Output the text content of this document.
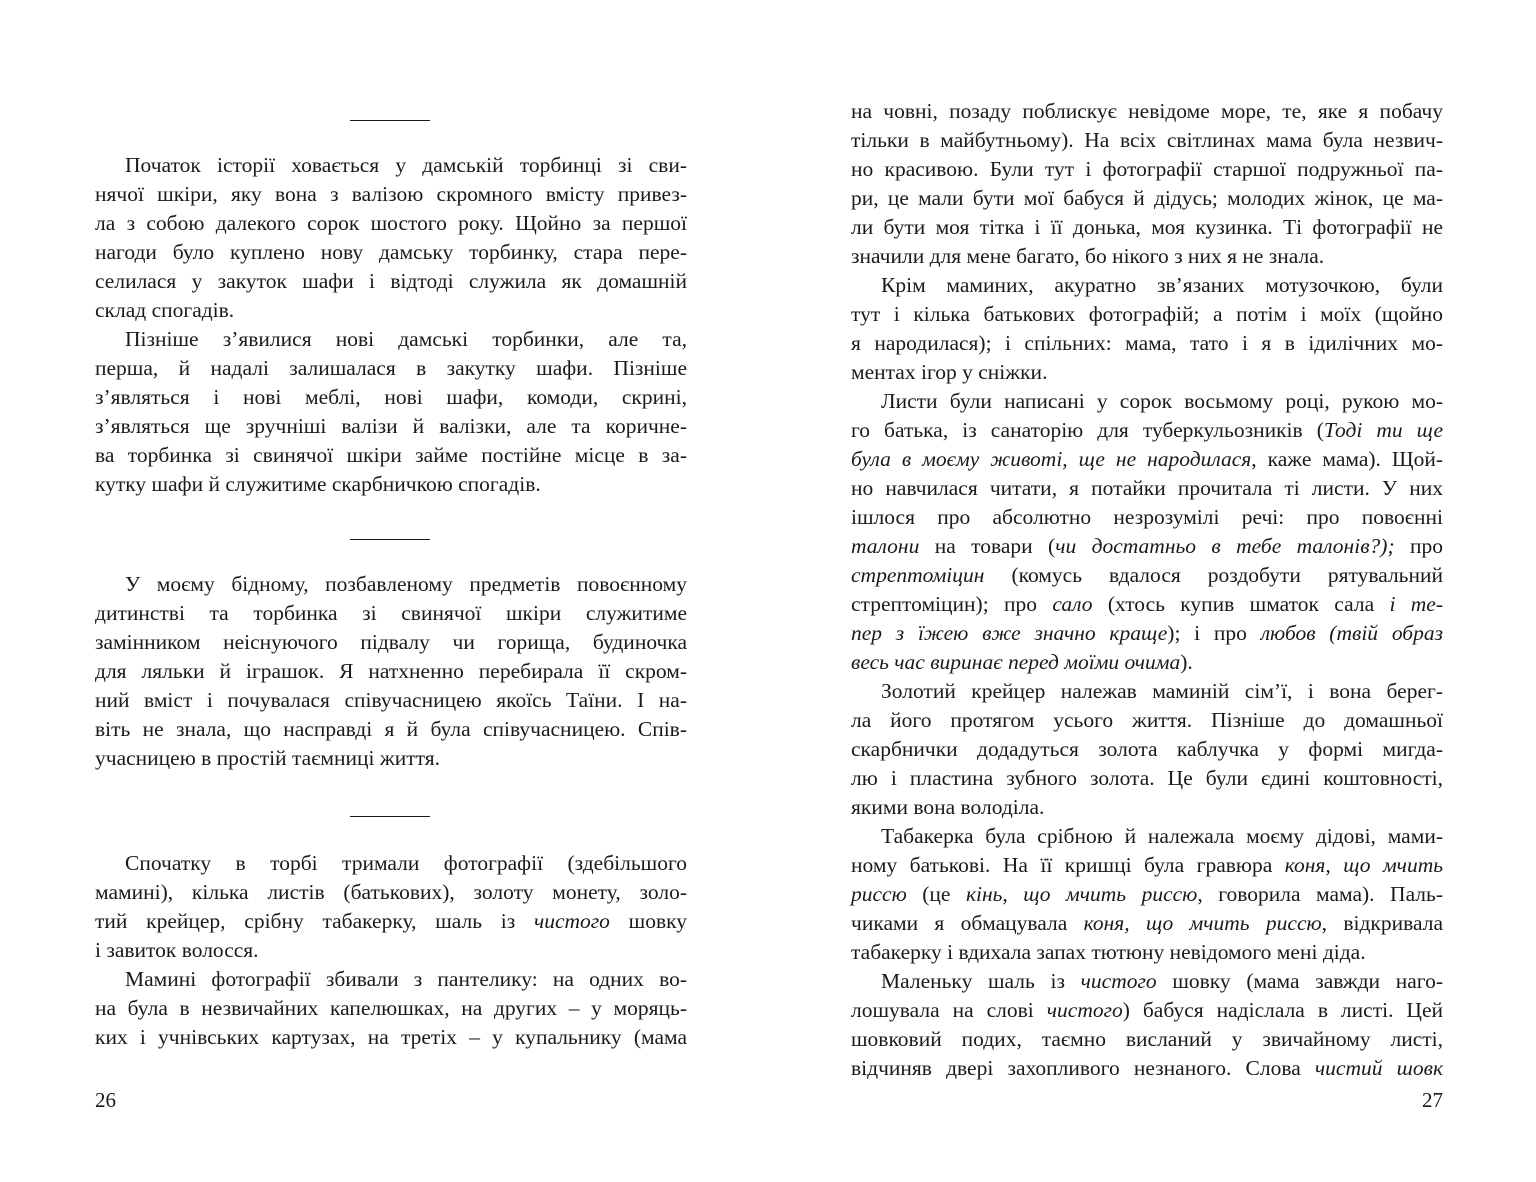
Початок історії ховається у дамській торбинці зі сви-
нячої шкіри, яку вона з валізою скромного вмісту привез-
ла з собою далекого сорок шостого року. Щойно за першої
нагоди було куплено нову дамську торбинку, стара пере-
селилася у закуток шафи і відтоді служила як домашній
склад спогадів.
Пізніше з’явилися нові дамські торбинки, але та,
перша, й надалі залишалася в закутку шафи. Пізніше
з’являться і нові меблі, нові шафи, комоди, скрині,
з’являться ще зручніші валізи й валізки, але та коричне-
ва торбинка зі свинячої шкіри займе постійне місце в за-
кутку шафи й служитиме скарбничкою спогадів.
У моєму бідному, позбавленому предметів повоєнному
дитинстві та торбинка зі свинячої шкіри служитиме
замінником неіснуючого підвалу чи горища, будиночка
для ляльки й іграшок. Я натхненно перебирала її скром-
ний вміст і почувалася співучасницею якоїсь Таїни. І на-
віть не знала, що насправді я й була співучасницею. Спів-
учасницею в простій таємниці життя.
Спочатку в торбі тримали фотографії (здебільшого
мамині), кілька листів (батькових), золоту монету, золо-
тий крейцер, срібну табакерку, шаль із чистого шовку
і завиток волосся.
Мамині фотографії збивали з пантелику: на одних во-
на була в незвичайних капелюшках, на других – у моряць-
ких і учнівських картузах, на третіх – у купальнику (мама
26
на човні, позаду поблискує невідоме море, те, яке я побачу
тільки в майбутньому). На всіх світлинах мама була незвич-
но красивою. Були тут і фотографії старшої подружньої па-
ри, це мали бути мої бабуся й дідусь; молодих жінок, це ма-
ли бути моя тітка і її донька, моя кузинка. Ті фотографії не
значили для мене багато, бо нікого з них я не знала.
Крім маминих, акуратно зв’язаних мотузочкою, були
тут і кілька батькових фотографій; а потім і моїх (щойно
я народилася); і спільних: мама, тато і я в ідилічних мо-
ментах ігор у сніжки.
Листи були написані у сорок восьмому році, рукою мо-
го батька, із санаторію для туберкульозників (Тоді ти ще
була в моєму животі, ще не народилася, каже мама). Щой-
но навчилася читати, я потайки прочитала ті листи. У них
ішлося про абсолютно незрозумілі речі: про повоєнні
талони на товари (чи достатньо в тебе талонів?); про
стрептоміцин (комусь вдалося роздобути рятувальний
стрептоміцин); про сало (хтось купив шматок сала і те-
пер з їжею вже значно краще); і про любов (твій образ
весь час виринає перед моїми очима).
Золотий крейцер належав маминій сім’ї, і вона берег-
ла його протягом усього життя. Пізніше до домашньої
скарбнички додадуться золота каблучка у формі мигда-
лю і пластина зубного золота. Це були єдині коштовності,
якими вона володіла.
Табакерка була срібною й належала моєму дідові, мами-
ному батькові. На її кришці була гравюра коня, що мчить
риссю (це кінь, що мчить риссю, говорила мама). Паль-
чиками я обмацувала коня, що мчить риссю, відкривала
табакерку і вдихала запах тютюну невідомого мені діда.
Маленьку шаль із чистого шовку (мама завжди наго-
лошувала на слові чистого) бабуся надіслала в листі. Цей
шовковий подих, таємно висланий у звичайному листі,
відчиняв двері захопливого незнаного. Слова чистий шовк
27
